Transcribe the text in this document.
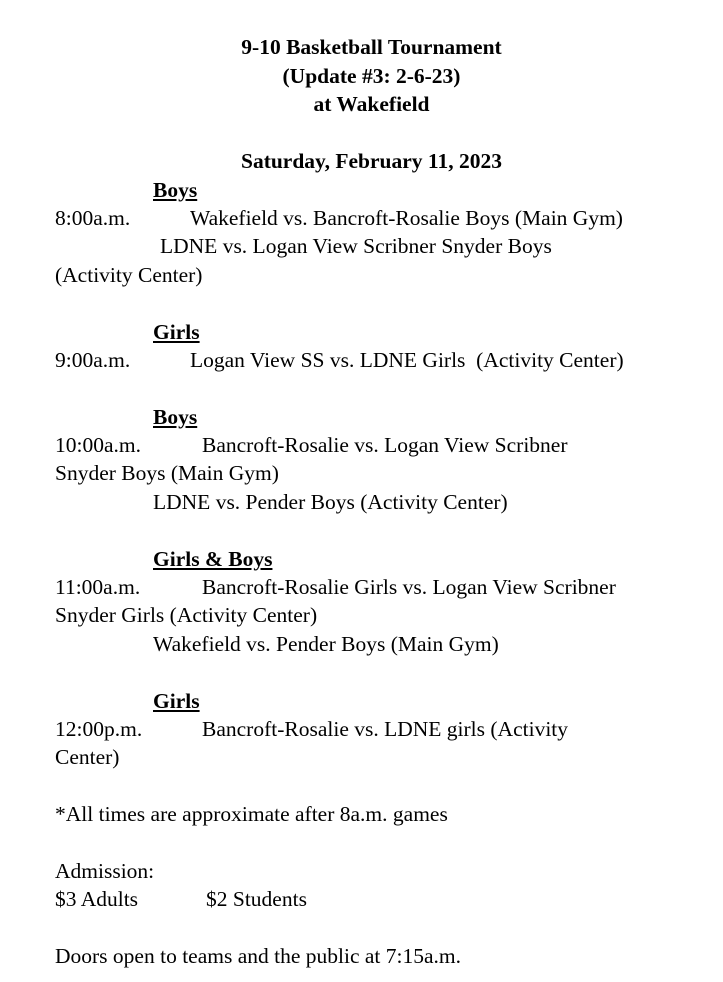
9-10 Basketball Tournament
(Update #3: 2-6-23)
at Wakefield
Saturday, February 11, 2023
Boys
8:00a.m.	Wakefield vs. Bancroft-Rosalie Boys (Main Gym)
LDNE vs. Logan View Scribner Snyder Boys
(Activity Center)
Girls
9:00a.m.	Logan View SS vs. LDNE Girls  (Activity Center)
Boys
10:00a.m.	Bancroft-Rosalie vs. Logan View Scribner
Snyder Boys (Main Gym)
LDNE vs. Pender Boys (Activity Center)
Girls & Boys
11:00a.m.	Bancroft-Rosalie Girls vs. Logan View Scribner
Snyder Girls (Activity Center)
Wakefield vs. Pender Boys (Main Gym)
Girls
12:00p.m.	Bancroft-Rosalie vs. LDNE girls (Activity
Center)
*All times are approximate after 8a.m. games
Admission:
$3 Adults	$2 Students
Doors open to teams and the public at 7:15a.m.
